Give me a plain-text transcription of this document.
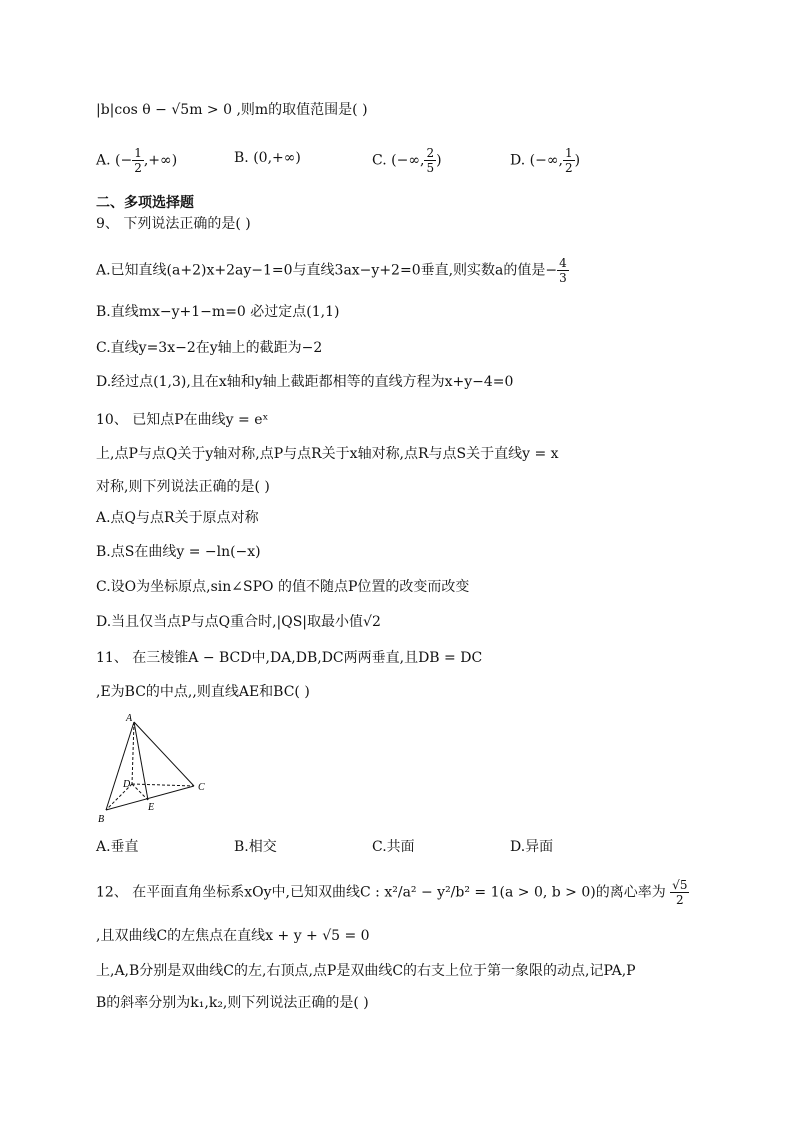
|b|cos θ − √5m > 0 ,则m的取值范围是( )
A. (− $\frac{1}{2}$ ,+∞)	B. (0,+∞)	C. (−∞, $\frac{2}{5}$ )	D. (−∞, $\frac{1}{2}$ )
二、多项选择题
9、 下列说法正确的是( )
A.已知直线(a+2)x+2ay−1=0与直线3ax−y+2=0垂直,则实数a的值是− $\frac{4}{3}$
B.直线mx−y+1−m=0 必过定点(1,1)
C.直线y=3x−2在y轴上的截距为−2
D.经过点(1,3),且在x轴和y轴上截距都相等的直线方程为x+y−4=0
10、 已知点P在曲线y = eˣ
上,点P与点Q关于y轴对称,点P与点R关于x轴对称,点R与点S关于直线y = x
对称,则下列说法正确的是( )
A.点Q与点R关于原点对称
B.点S在曲线y = −ln(−x)
C.设O为坐标原点,sin∠SPO 的值不随点P位置的改变而改变
D.当且仅当点P与点Q重合时,|QS|取最小值√2
11、 在三棱锥A − BCD中,DA,DB,DC两两垂直,且DB = DC
,E为BC的中点,,则直线AE和BC( )
A
D	C
E
B
A.垂直	B.相交	C.共面	D.异面
12、 在平面直角坐标系xOy中,已知双曲线C : x²/a² − y²/b² = 1(a > 0, b > 0)的离心率为 $\frac{√5}{2}$
,且双曲线C的左焦点在直线x + y + √5 = 0
上,A,B分别是双曲线C的左,右顶点,点P是双曲线C的右支上位于第一象限的动点,记PA,P
B的斜率分别为k₁,k₂,则下列说法正确的是( )
